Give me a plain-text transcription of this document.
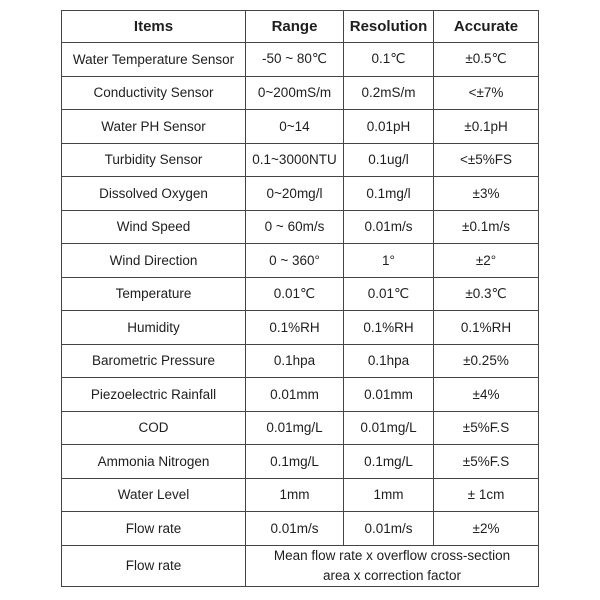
Items	Range	Resolution	Accurate
Water Temperature Sensor	-50 ~ 80℃	0.1℃	±0.5℃
Conductivity Sensor	0~200mS/m	0.2mS/m	<±7%
Water PH Sensor	0~14	0.01pH	±0.1pH
Turbidity Sensor	0.1~3000NTU	0.1ug/l	<±5%FS
Dissolved Oxygen	0~20mg/l	0.1mg/l	±3%
Wind Speed	0 ~ 60m/s	0.01m/s	±0.1m/s
Wind Direction	0 ~ 360°	1°	±2°
Temperature	0.01℃	0.01℃	±0.3℃
Humidity	0.1%RH	0.1%RH	0.1%RH
Barometric Pressure	0.1hpa	0.1hpa	±0.25%
Piezoelectric Rainfall	0.01mm	0.01mm	±4%
COD	0.01mg/L	0.01mg/L	±5%F.S
Ammonia Nitrogen	0.1mg/L	0.1mg/L	±5%F.S
Water Level	1mm	1mm	± 1cm
Flow rate	0.01m/s	0.01m/s	±2%
Flow rate	Mean flow rate x overflow cross-section
area x correction factor		
